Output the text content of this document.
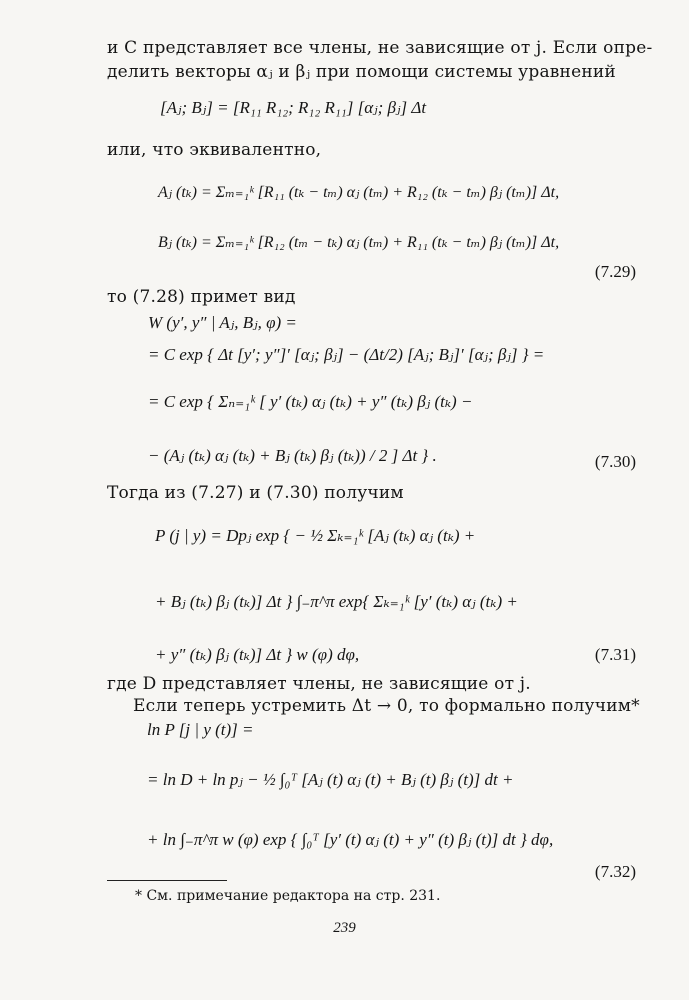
и C представляет все члены, не зависящие от j. Если опре-
делить векторы αⱼ и βⱼ при помощи системы уравнений
[Aⱼ; Bⱼ] = [R₁₁ R₁₂; R₁₂ R₁₁] [αⱼ; βⱼ] Δt
или, что эквивалентно,
Aⱼ (tₖ) = Σₘ₌₁ᵏ [R₁₁ (tₖ − tₘ) αⱼ (tₘ) + R₁₂ (tₖ − tₘ) βⱼ (tₘ)] Δt,
Bⱼ (tₖ) = Σₘ₌₁ᵏ [R₁₂ (tₘ − tₖ) αⱼ (tₘ) + R₁₁ (tₖ − tₘ) βⱼ (tₘ)] Δt,
(7.29)
то (7.28) примет вид
W (y′, y″ | Aⱼ, Bⱼ, φ) =
= C exp { Δt [y′; y″]′ [αⱼ; βⱼ] − (Δt/2) [Aⱼ; Bⱼ]′ [αⱼ; βⱼ] } =
= C exp { Σₙ₌₁ᵏ [ y′ (tₖ) αⱼ (tₖ) + y″ (tₖ) βⱼ (tₖ) −
− (Aⱼ (tₖ) αⱼ (tₖ) + Bⱼ (tₖ) βⱼ (tₖ)) / 2 ] Δt } .	(7.30)
Тогда из (7.27) и (7.30) получим
P (j | y) = Dpⱼ exp { − ½ Σₖ₌₁ᵏ [Aⱼ (tₖ) αⱼ (tₖ) +
+ Bⱼ (tₖ) βⱼ (tₖ)] Δt } ∫₋π^π exp{ Σₖ₌₁ᵏ [y′ (tₖ) αⱼ (tₖ) +
+ y″ (tₖ) βⱼ (tₖ)] Δt } w (φ) dφ,	(7.31)
где D представляет члены, не зависящие от j.
Если теперь устремить Δt → 0, то формально получим*
ln P [j | y (t)] =
= ln D + ln pⱼ − ½ ∫₀ᵀ [Aⱼ (t) αⱼ (t) + Bⱼ (t) βⱼ (t)] dt +
+ ln ∫₋π^π w (φ) exp { ∫₀ᵀ [y′ (t) αⱼ (t) + y″ (t) βⱼ (t)] dt } dφ,
(7.32)
* См. примечание редактора на стр. 231.
239
